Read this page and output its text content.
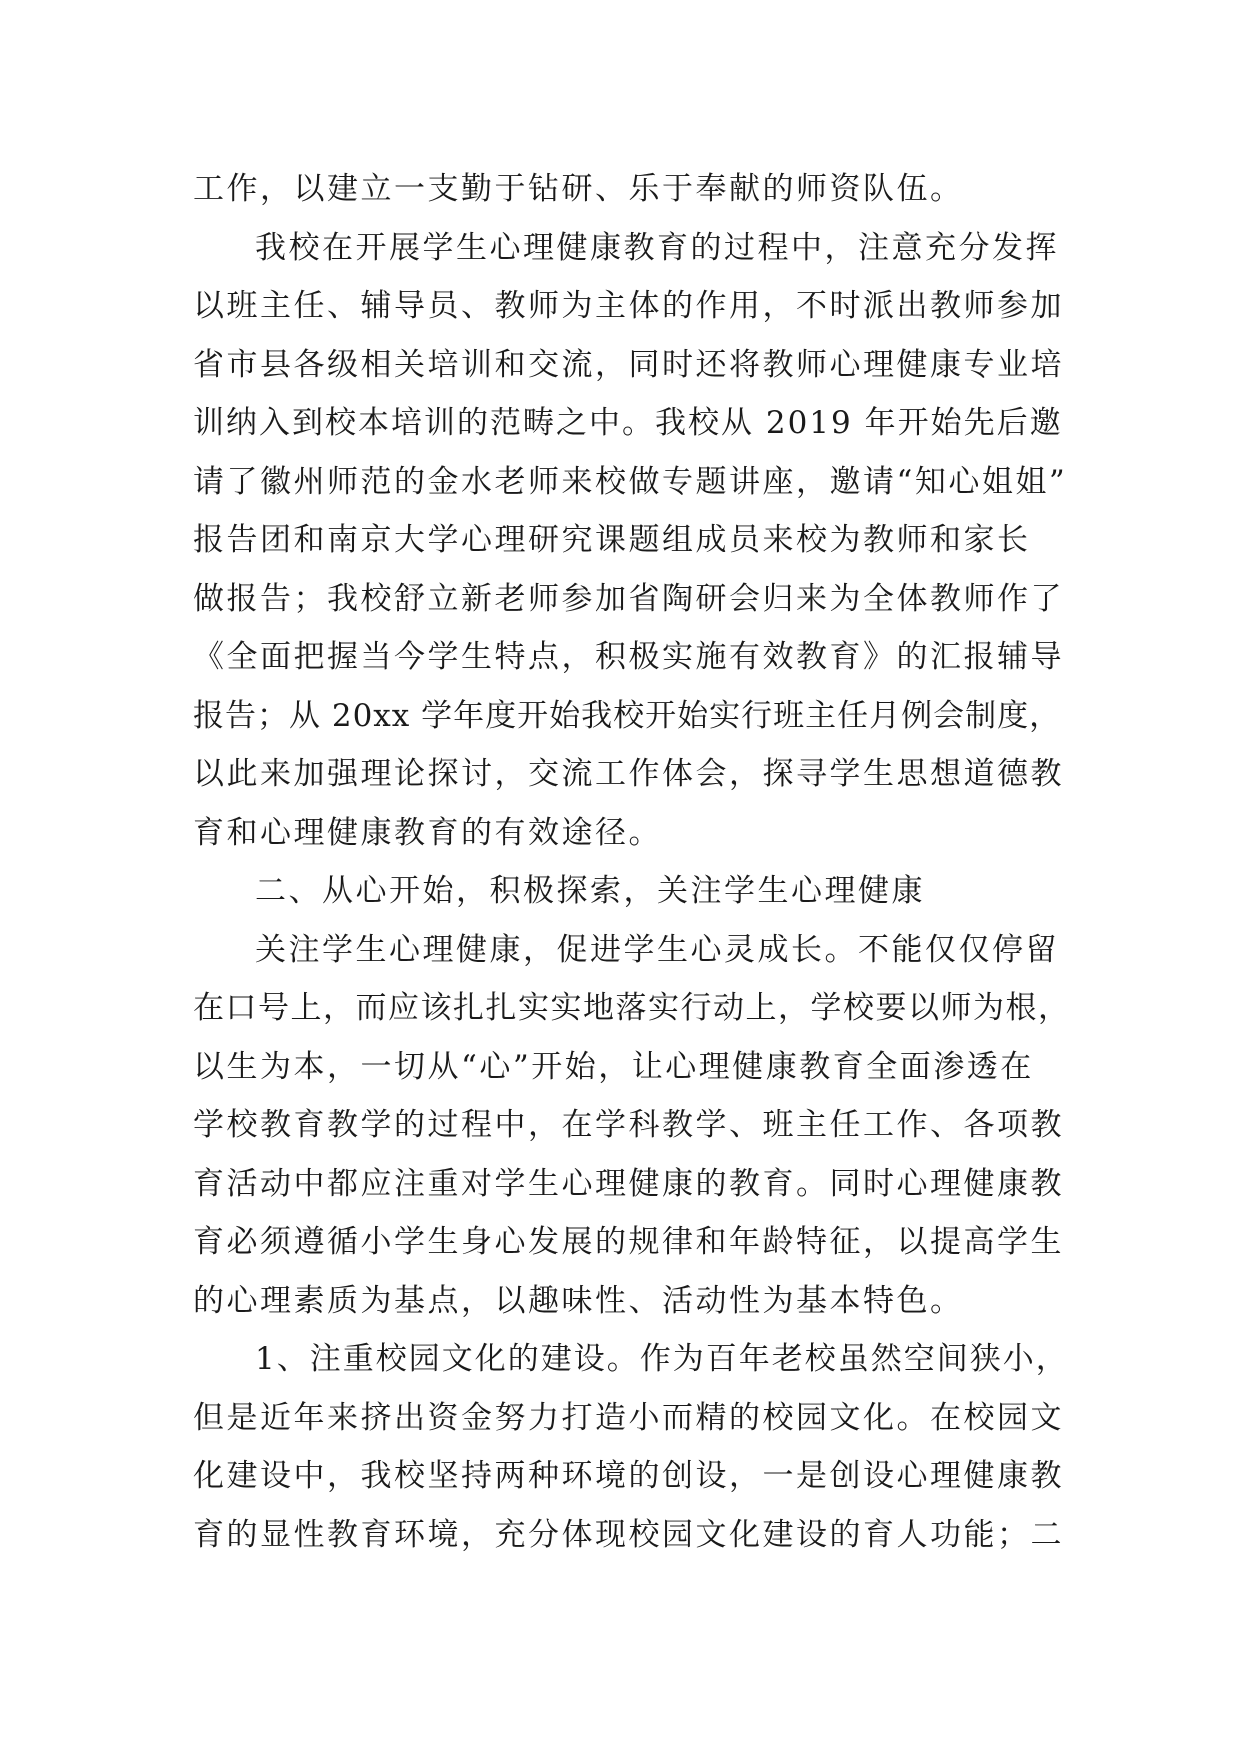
工作，以建立一支勤于钻研、乐于奉献的师资队伍。
我校在开展学生心理健康教育的过程中，注意充分发挥
以班主任、辅导员、教师为主体的作用，不时派出教师参加
省市县各级相关培训和交流，同时还将教师心理健康专业培
训纳入到校本培训的范畴之中。我校从 2019 年开始先后邀
请了徽州师范的金水老师来校做专题讲座，邀请“知心姐姐”
报告团和南京大学心理研究课题组成员来校为教师和家长
做报告；我校舒立新老师参加省陶研会归来为全体教师作了
《全面把握当今学生特点，积极实施有效教育》的汇报辅导
报告；从 20xx 学年度开始我校开始实行班主任月例会制度，
以此来加强理论探讨，交流工作体会，探寻学生思想道德教
育和心理健康教育的有效途径。
二、从心开始，积极探索，关注学生心理健康
关注学生心理健康，促进学生心灵成长。不能仅仅停留
在口号上，而应该扎扎实实地落实行动上，学校要以师为根，
以生为本，一切从“心”开始，让心理健康教育全面渗透在
学校教育教学的过程中，在学科教学、班主任工作、各项教
育活动中都应注重对学生心理健康的教育。同时心理健康教
育必须遵循小学生身心发展的规律和年龄特征，以提高学生
的心理素质为基点，以趣味性、活动性为基本特色。
1、注重校园文化的建设。作为百年老校虽然空间狭小，
但是近年来挤出资金努力打造小而精的校园文化。在校园文
化建设中，我校坚持两种环境的创设，一是创设心理健康教
育的显性教育环境，充分体现校园文化建设的育人功能；二
